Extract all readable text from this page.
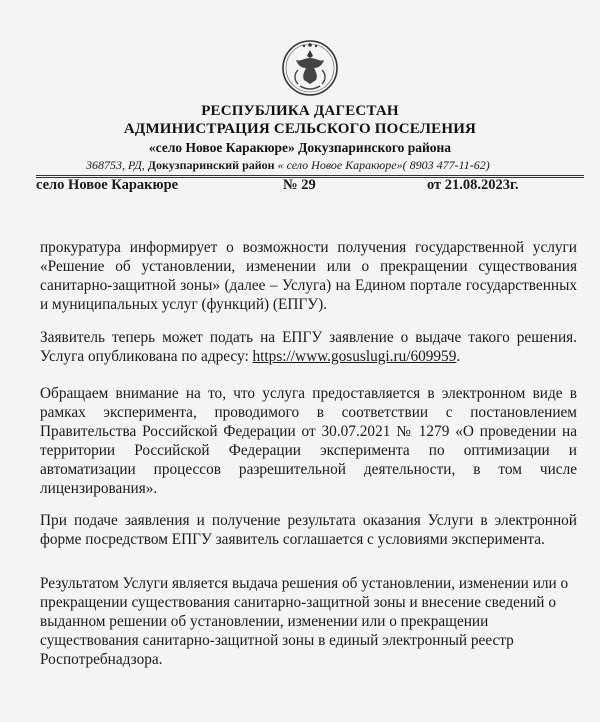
РЕСПУБЛИКА ДАГЕСТАН
АДМИНИСТРАЦИЯ СЕЛЬСКОГО ПОСЕЛЕНИЯ
«село Новое Каракюре» Докузпаринского района
368753, РД, Докузпаринский район « село Новое Каракюре»( 8903 477-11-62)
село Новое Каракюре	№ 29	от 21.08.2023г.

прокуратура информирует о возможности получения государственной услуги «Решение об установлении, изменении или о прекращении существования санитарно-защитной зоны» (далее – Услуга) на Едином портале государственных и муниципальных услуг (функций) (ЕПГУ).

Заявитель теперь может подать на ЕПГУ заявление о выдаче такого решения. Услуга опубликована по адресу: https://www.gosuslugi.ru/609959.

Обращаем внимание на то, что услуга предоставляется в электронном виде в рамках эксперимента, проводимого в соответствии с постановлением Правительства Российской Федерации от 30.07.2021 № 1279 «О проведении на территории Российской Федерации эксперимента по оптимизации и автоматизации процессов разрешительной деятельности, в том числе лицензирования».

При подаче заявления и получение результата оказания Услуги в электронной форме посредством ЕПГУ заявитель соглашается с условиями эксперимента.

Результатом Услуги является выдача решения об установлении, изменении или о прекращении существования санитарно-защитной зоны и внесение сведений о выданном решении об установлении, изменении или о прекращении существования санитарно-защитной зоны в единый электронный реестр Роспотребнадзора.
